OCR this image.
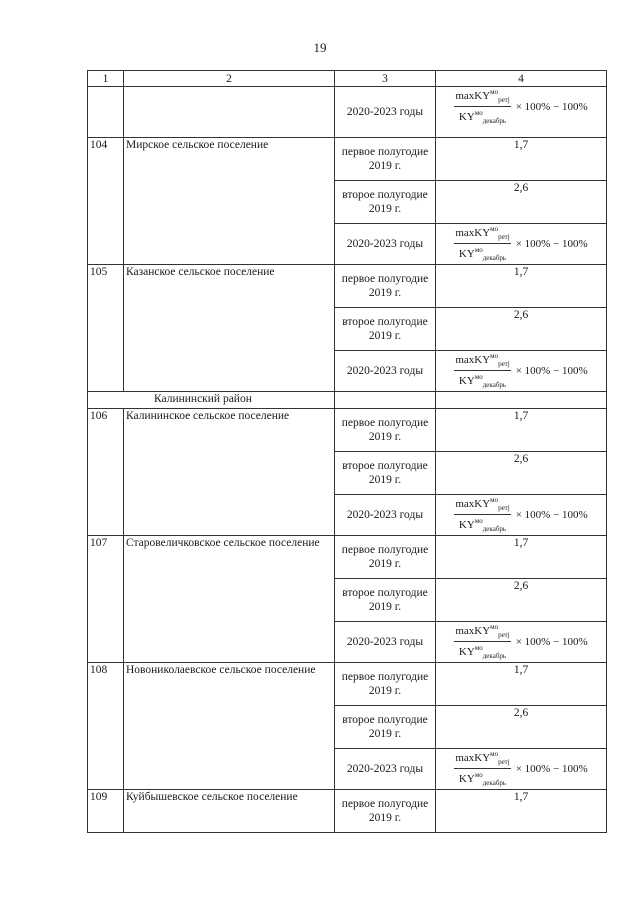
19
1	2	3	4
		2020-2023 годы	$\frac{maxKY^{мо}_{ретj}}{KY^{мо}_{декабрь}} \times 100\% - 100\%$

104	Мирское сельское поселение	первое полугодие 2019 г.	1,7
		второе полугодие 2019 г.	2,6
		2020-2023 годы	$\frac{maxKY^{мо}_{ретj}}{KY^{мо}_{декабрь}} \times 100\% - 100\%$

105	Казанское сельское поселение	первое полугодие 2019 г.	1,7
		второе полугодие 2019 г.	2,6
		2020-2023 годы	$\frac{maxKY^{мо}_{ретj}}{KY^{мо}_{декабрь}} \times 100\% - 100\%$

Калининский район			
106	Калининское сельское поселение	первое полугодие 2019 г.	1,7
		второе полугодие 2019 г.	2,6
		2020-2023 годы	$\frac{maxKY^{мо}_{ретj}}{KY^{мо}_{декабрь}} \times 100\% - 100\%$

107	Старовеличковское сельское поселение	первое полугодие 2019 г.	1,7
		второе полугодие 2019 г.	2,6
		2020-2023 годы	$\frac{maxKY^{мо}_{ретj}}{KY^{мо}_{декабрь}} \times 100\% - 100\%$

108	Новониколаевское сельское поселение	первое полугодие 2019 г.	1,7
		второе полугодие 2019 г.	2,6
		2020-2023 годы	$\frac{maxKY^{мо}_{ретj}}{KY^{мо}_{декабрь}} \times 100\% - 100\%$

109	Куйбышевское сельское поселение	первое полугодие 2019 г.	1,7
